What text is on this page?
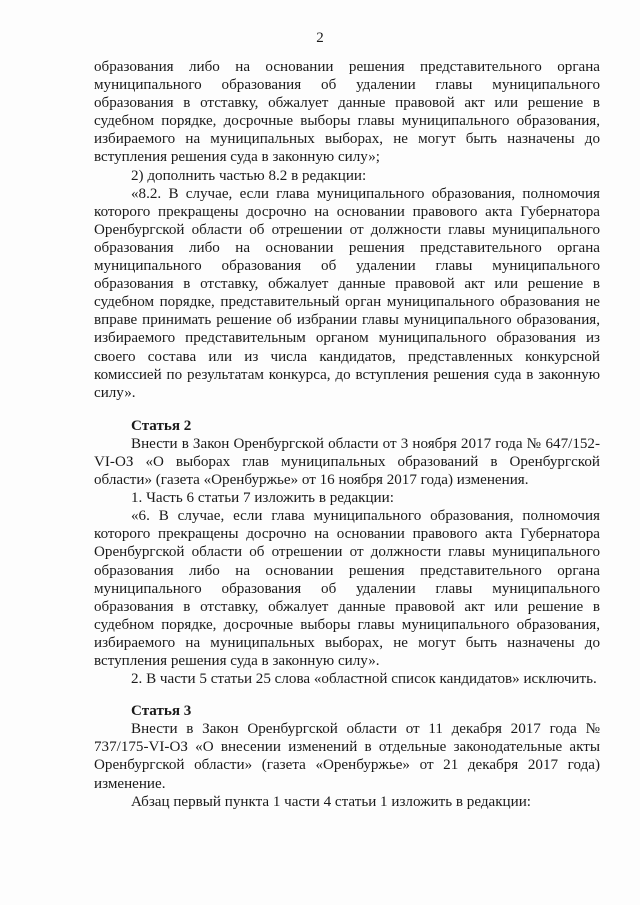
2

образования либо на основании решения представительного органа муниципального образования об удалении главы муниципального образования в отставку, обжалует данные правовой акт или решение в судебном порядке, досрочные выборы главы муниципального образования, избираемого на муниципальных выборах, не могут быть назначены до вступления решения суда в законную силу»;

2) дополнить частью 8.2 в редакции:

«8.2. В случае, если глава муниципального образования, полномочия которого прекращены досрочно на основании правового акта Губернатора Оренбургской области об отрешении от должности главы муниципального образования либо на основании решения представительного органа муниципального образования об удалении главы муниципального образования в отставку, обжалует данные правовой акт или решение в судебном порядке, представительный орган муниципального образования не вправе принимать решение об избрании главы муниципального образования, избираемого представительным органом муниципального образования из своего состава или из числа кандидатов, представленных конкурсной комиссией по результатам конкурса, до вступления решения суда в законную силу».

Статья 2

Внести в Закон Оренбургской области от 3 ноября 2017 года № 647/152-VI-ОЗ «О выборах глав муниципальных образований в Оренбургской области» (газета «Оренбуржье» от 16 ноября 2017 года) изменения.

1. Часть 6 статьи 7 изложить в редакции:

«6. В случае, если глава муниципального образования, полномочия которого прекращены досрочно на основании правового акта Губернатора Оренбургской области об отрешении от должности главы муниципального образования либо на основании решения представительного органа муниципального образования об удалении главы муниципального образования в отставку, обжалует данные правовой акт или решение в судебном порядке, досрочные выборы главы муниципального образования, избираемого на муниципальных выборах, не могут быть назначены до вступления решения суда в законную силу».

2. В части 5 статьи 25 слова «областной список кандидатов» исключить.

Статья 3

Внести в Закон Оренбургской области от 11 декабря 2017 года № 737/175-VI-ОЗ «О внесении изменений в отдельные законодательные акты Оренбургской области» (газета «Оренбуржье» от 21 декабря 2017 года) изменение.

Абзац первый пункта 1 части 4 статьи 1 изложить в редакции:
